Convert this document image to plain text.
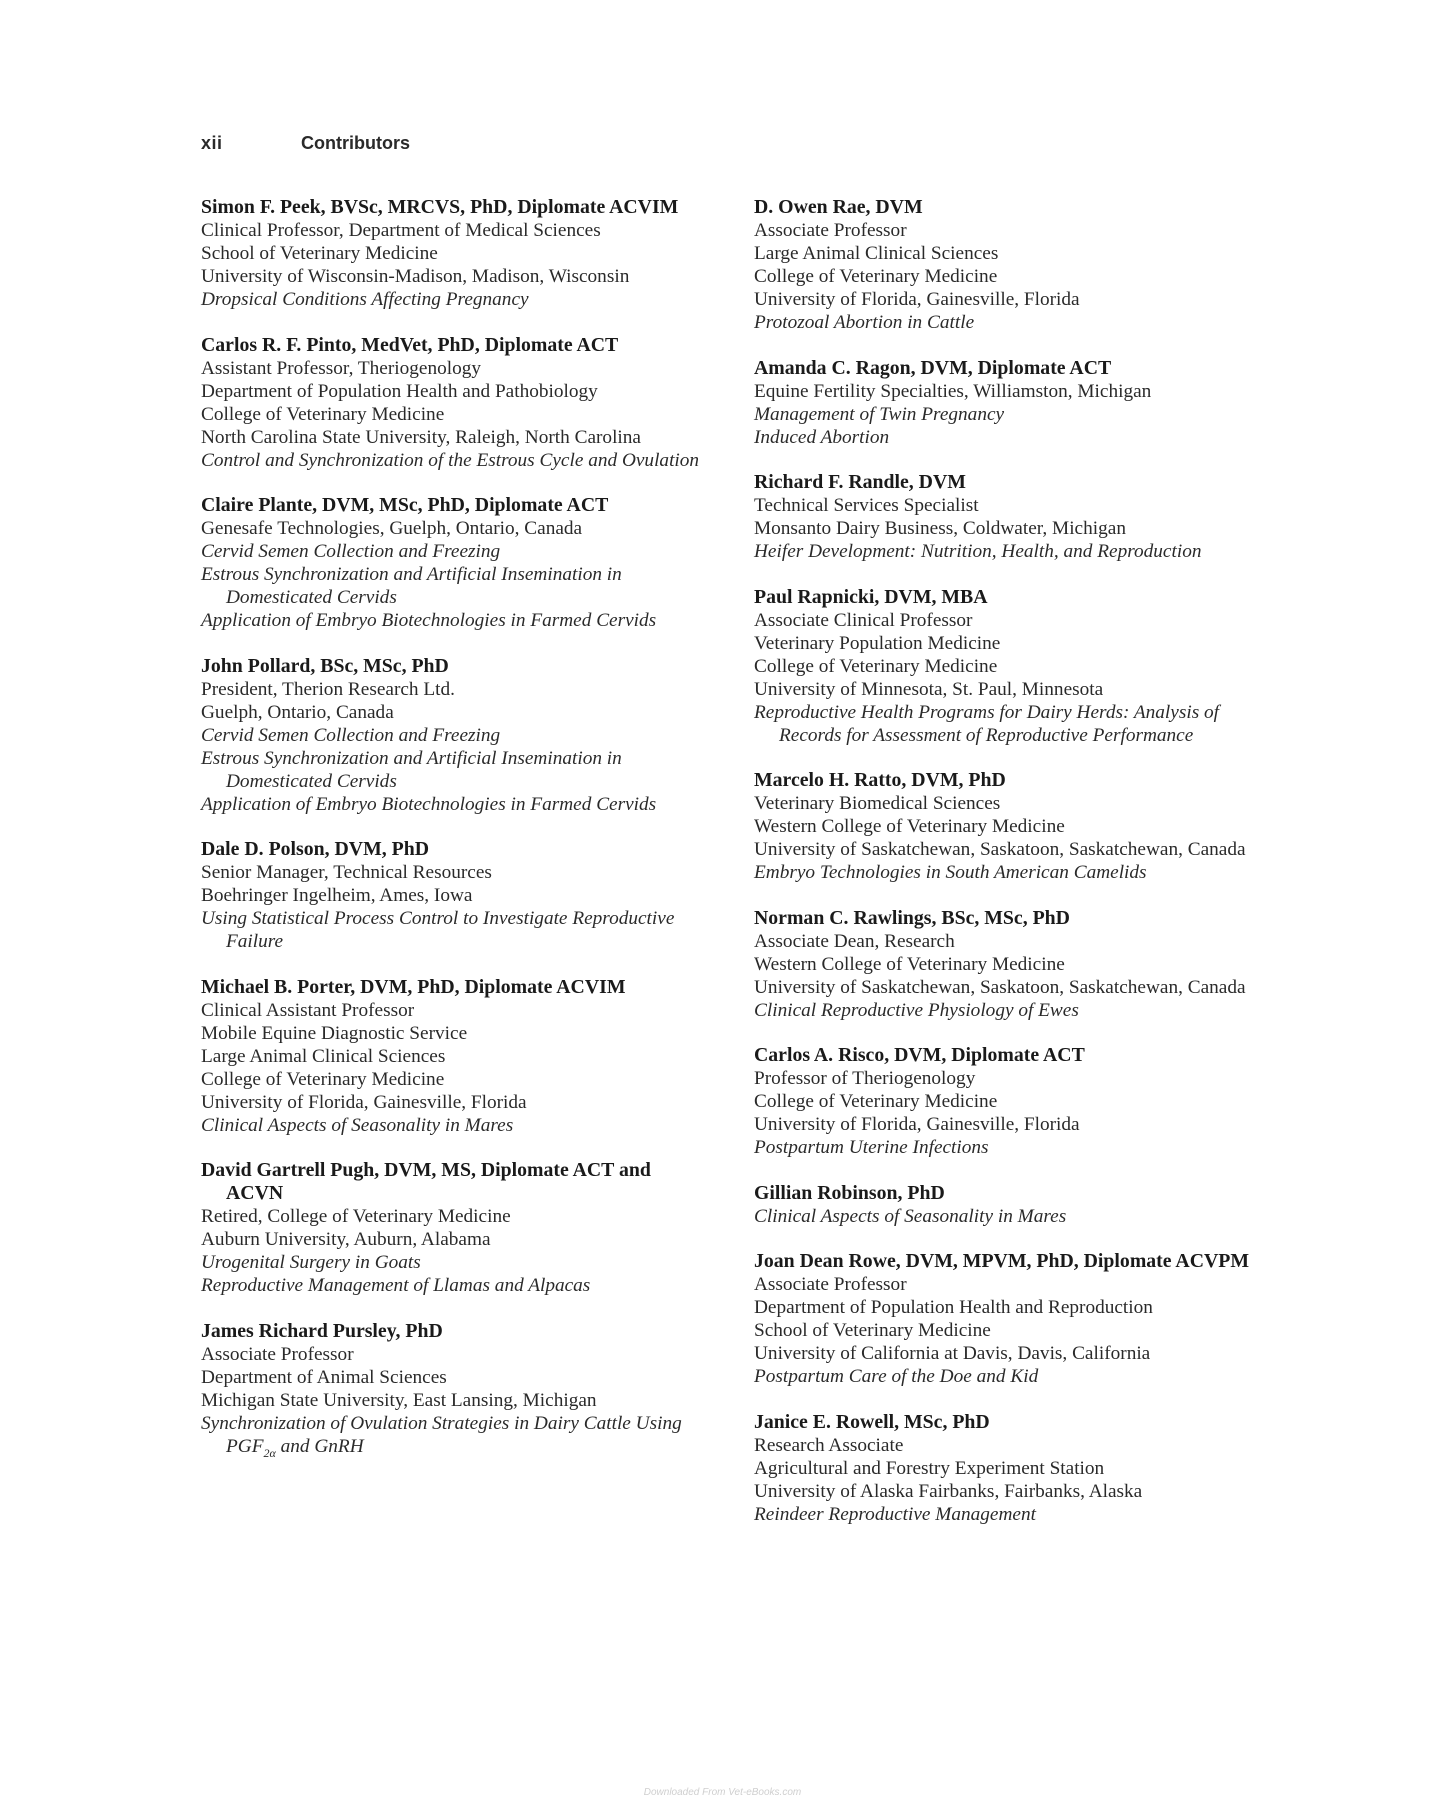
xii	Contributors
Simon F. Peek, BVSc, MRCVS, PhD, Diplomate ACVIM
Clinical Professor, Department of Medical Sciences
School of Veterinary Medicine
University of Wisconsin-Madison, Madison, Wisconsin
Dropsical Conditions Affecting Pregnancy
Carlos R. F. Pinto, MedVet, PhD, Diplomate ACT
Assistant Professor, Theriogenology
Department of Population Health and Pathobiology
College of Veterinary Medicine
North Carolina State University, Raleigh, North Carolina
Control and Synchronization of the Estrous Cycle and Ovulation
Claire Plante, DVM, MSc, PhD, Diplomate ACT
Genesafe Technologies, Guelph, Ontario, Canada
Cervid Semen Collection and Freezing
Estrous Synchronization and Artificial Insemination in Domesticated Cervids
Application of Embryo Biotechnologies in Farmed Cervids
John Pollard, BSc, MSc, PhD
President, Therion Research Ltd.
Guelph, Ontario, Canada
Cervid Semen Collection and Freezing
Estrous Synchronization and Artificial Insemination in Domesticated Cervids
Application of Embryo Biotechnologies in Farmed Cervids
Dale D. Polson, DVM, PhD
Senior Manager, Technical Resources
Boehringer Ingelheim, Ames, Iowa
Using Statistical Process Control to Investigate Reproductive Failure
Michael B. Porter, DVM, PhD, Diplomate ACVIM
Clinical Assistant Professor
Mobile Equine Diagnostic Service
Large Animal Clinical Sciences
College of Veterinary Medicine
University of Florida, Gainesville, Florida
Clinical Aspects of Seasonality in Mares
David Gartrell Pugh, DVM, MS, Diplomate ACT and ACVN
Retired, College of Veterinary Medicine
Auburn University, Auburn, Alabama
Urogenital Surgery in Goats
Reproductive Management of Llamas and Alpacas
James Richard Pursley, PhD
Associate Professor
Department of Animal Sciences
Michigan State University, East Lansing, Michigan
Synchronization of Ovulation Strategies in Dairy Cattle Using $PGF_{2\alpha}$ and GnRH
D. Owen Rae, DVM
Associate Professor
Large Animal Clinical Sciences
College of Veterinary Medicine
University of Florida, Gainesville, Florida
Protozoal Abortion in Cattle
Amanda C. Ragon, DVM, Diplomate ACT
Equine Fertility Specialties, Williamston, Michigan
Management of Twin Pregnancy
Induced Abortion
Richard F. Randle, DVM
Technical Services Specialist
Monsanto Dairy Business, Coldwater, Michigan
Heifer Development: Nutrition, Health, and Reproduction
Paul Rapnicki, DVM, MBA
Associate Clinical Professor
Veterinary Population Medicine
College of Veterinary Medicine
University of Minnesota, St. Paul, Minnesota
Reproductive Health Programs for Dairy Herds: Analysis of Records for Assessment of Reproductive Performance
Marcelo H. Ratto, DVM, PhD
Veterinary Biomedical Sciences
Western College of Veterinary Medicine
University of Saskatchewan, Saskatoon, Saskatchewan, Canada
Embryo Technologies in South American Camelids
Norman C. Rawlings, BSc, MSc, PhD
Associate Dean, Research
Western College of Veterinary Medicine
University of Saskatchewan, Saskatoon, Saskatchewan, Canada
Clinical Reproductive Physiology of Ewes
Carlos A. Risco, DVM, Diplomate ACT
Professor of Theriogenology
College of Veterinary Medicine
University of Florida, Gainesville, Florida
Postpartum Uterine Infections
Gillian Robinson, PhD
Clinical Aspects of Seasonality in Mares
Joan Dean Rowe, DVM, MPVM, PhD, Diplomate ACVPM
Associate Professor
Department of Population Health and Reproduction
School of Veterinary Medicine
University of California at Davis, Davis, California
Postpartum Care of the Doe and Kid
Janice E. Rowell, MSc, PhD
Research Associate
Agricultural and Forestry Experiment Station
University of Alaska Fairbanks, Fairbanks, Alaska
Reindeer Reproductive Management
Downloaded From Vet-eBooks.com
